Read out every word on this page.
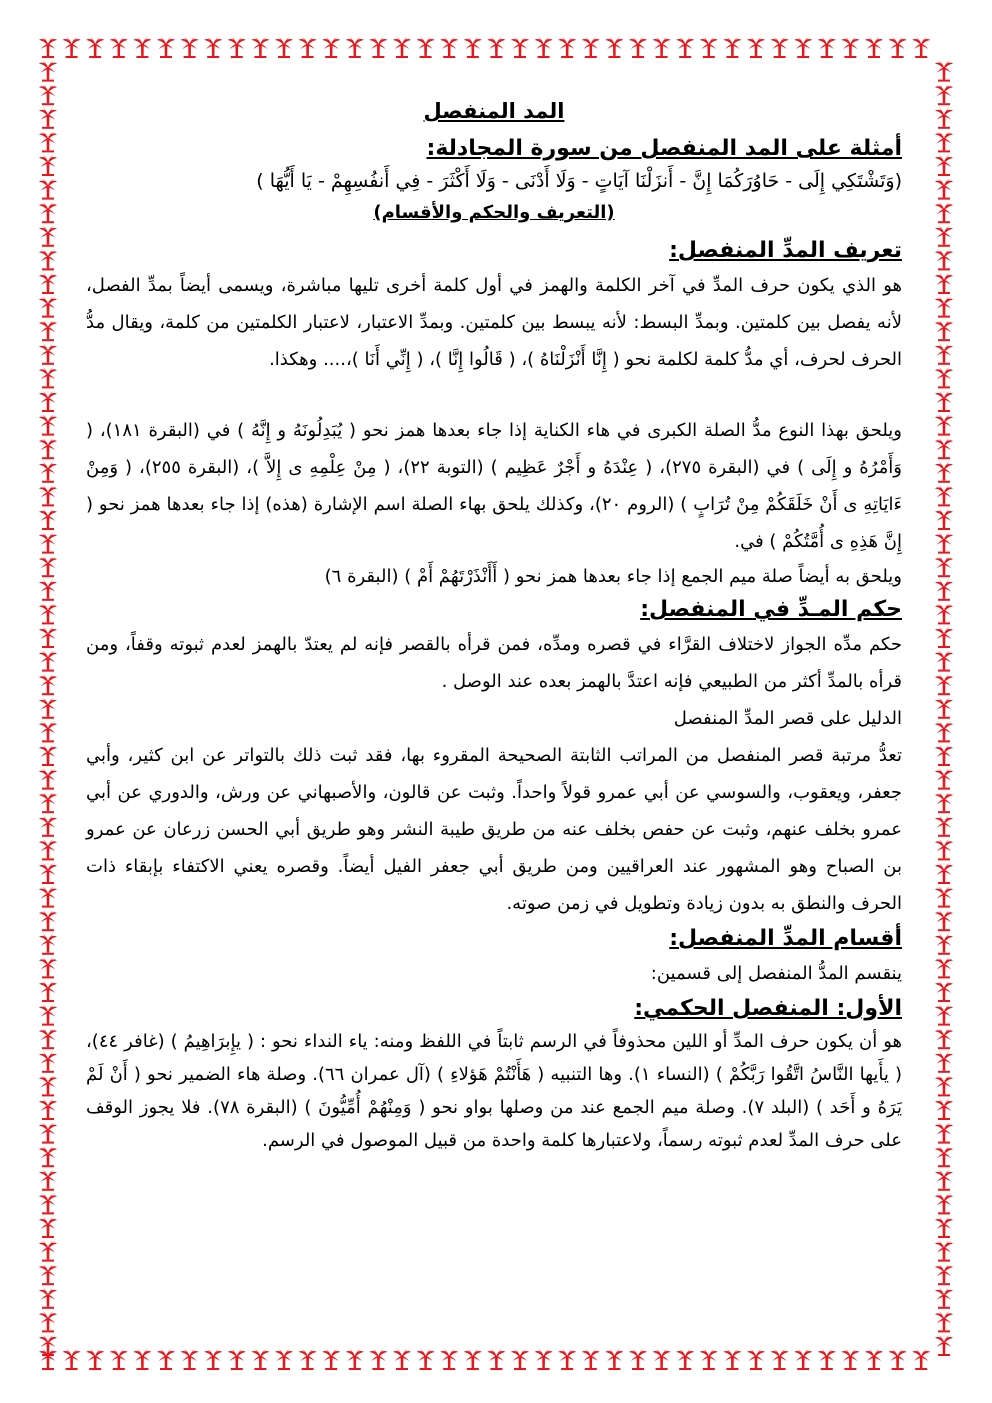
المد المنفصل
أمثلة على المد المنفصل من سورة المجادلة:

(وَتَشْتَكِي إِلَى - حَاوُرَكُمَا إِنَّ - أَنزَلْنَا آيَاتٍ - وَلَا أَدْنَى - وَلَا أَكْثَرَ - فِي أَنفُسِهِمْ - يَا أَيُّهَا )

(التعريف والحكم والأقسام)
تعريف المدِّ المنفصل:

هو الذي يكون حرف المدِّ في آخر الكلمة والهمز في أول كلمة أخرى تليها مباشرة، ويسمى أيضاً بمدِّ الفصل، لأنه يفصل بين كلمتين. وبمدِّ البسط: لأنه يبسط بين كلمتين. وبمدِّ الاعتبار، لاعتبار الكلمتين من كلمة، ويقال مدُّ الحرف لحرف، أي مدُّ كلمة لكلمة نحو ( إِنَّا أَنْزَلْنَاهُ )، ( قَالُوا إِنَّا )، ( إِنِّي أَنَا )،.... وهكذا.

ويلحق بهذا النوع مدُّ الصلة الكبرى في هاء الكناية إذا جاء بعدها همز نحو ( يُبَدِلُونَهُ و إِنَّهُ ) في (البقرة ١٨١)، ( وَأَمْرُهُ و إِلَى ) في (البقرة ٢٧٥)، ( عِنْدَهُ و أَجْرٌ عَظِيم ) (التوبة ٢٢)، ( مِنْ عِلْمِهِ ى إِلاَّ )، (البقرة ٢٥٥)، ( وَمِنْ ءَايَاتِهِ ى أَنْ خَلَقَكُمْ مِنْ تُرَابٍ ) (الروم ٢٠)، وكذلك يلحق بهاء الصلة اسم الإشارة (هذه) إذا جاء بعدها همز نحو ( إِنَّ هَذِهِ ى أُمَّتُكُمْ ) في.

ويلحق به أيضاً صلة ميم الجمع إذا جاء بعدها همز نحو ( أَأَنْذَرْتَهُمْ أَمْ ) (البقرة ٦)

حكم المـدِّ في المنفصل:

حكم مدِّه الجواز لاختلاف القرَّاء في قصره ومدِّه، فمن قرأه بالقصر فإنه لم يعتدّ بالهمز لعدم ثبوته وقفاً، ومن قرأه بالمدِّ أكثر من الطبيعي فإنه اعتدَّ بالهمز بعده عند الوصل .

الدليل على قصر المدِّ المنفصل

تعدُّ مرتبة قصر المنفصل من المراتب الثابتة الصحيحة المقروء بها، فقد ثبت ذلك بالتواتر عن ابن كثير، وأبي جعفر، ويعقوب، والسوسي عن أبي عمرو قولاً واحداً. وثبت عن قالون، والأصبهاني عن ورش، والدوري عن أبي عمرو بخلف عنهم، وثبت عن حفص بخلف عنه من طريق طيبة النشر وهو طريق أبي الحسن زرعان عن عمرو بن الصباح وهو المشهور عند العراقيين ومن طريق أبي جعفر الفيل أيضاً. وقصره يعني الاكتفاء بإبقاء ذات الحرف والنطق به بدون زيادة وتطويل في زمن صوته.

أقسام المدِّ المنفصل:

ينقسم المدُّ المنفصل إلى قسمين:

الأول: المنفصل الحكمي:

هو أن يكون حرف المدِّ أو اللين محذوفاً في الرسم ثابتاً في اللفظ ومنه: ياء النداء نحو : ( يإِبرَاهِيمُ ) (غافر ٤٤)، ( يأَيها النَّاسُ اتَّقُوا رَبَّكُمْ ) (النساء ١). وها التنبيه ( هَأَنْتُمْ هَؤلاءِ ) (آل عمران ٦٦). وصلة هاء الضمير نحو ( أَنْ لَمْ يَرَهُ و أَحَد ) (البلد ٧). وصلة ميم الجمع عند من وصلها بواو نحو ( وَمِنْهُمْ أُمِّيُّونَ ) (البقرة ٧٨). فلا يجوز الوقف على حرف المدِّ لعدم ثبوته رسماً، ولاعتبارها كلمة واحدة من قبيل الموصول في الرسم.
